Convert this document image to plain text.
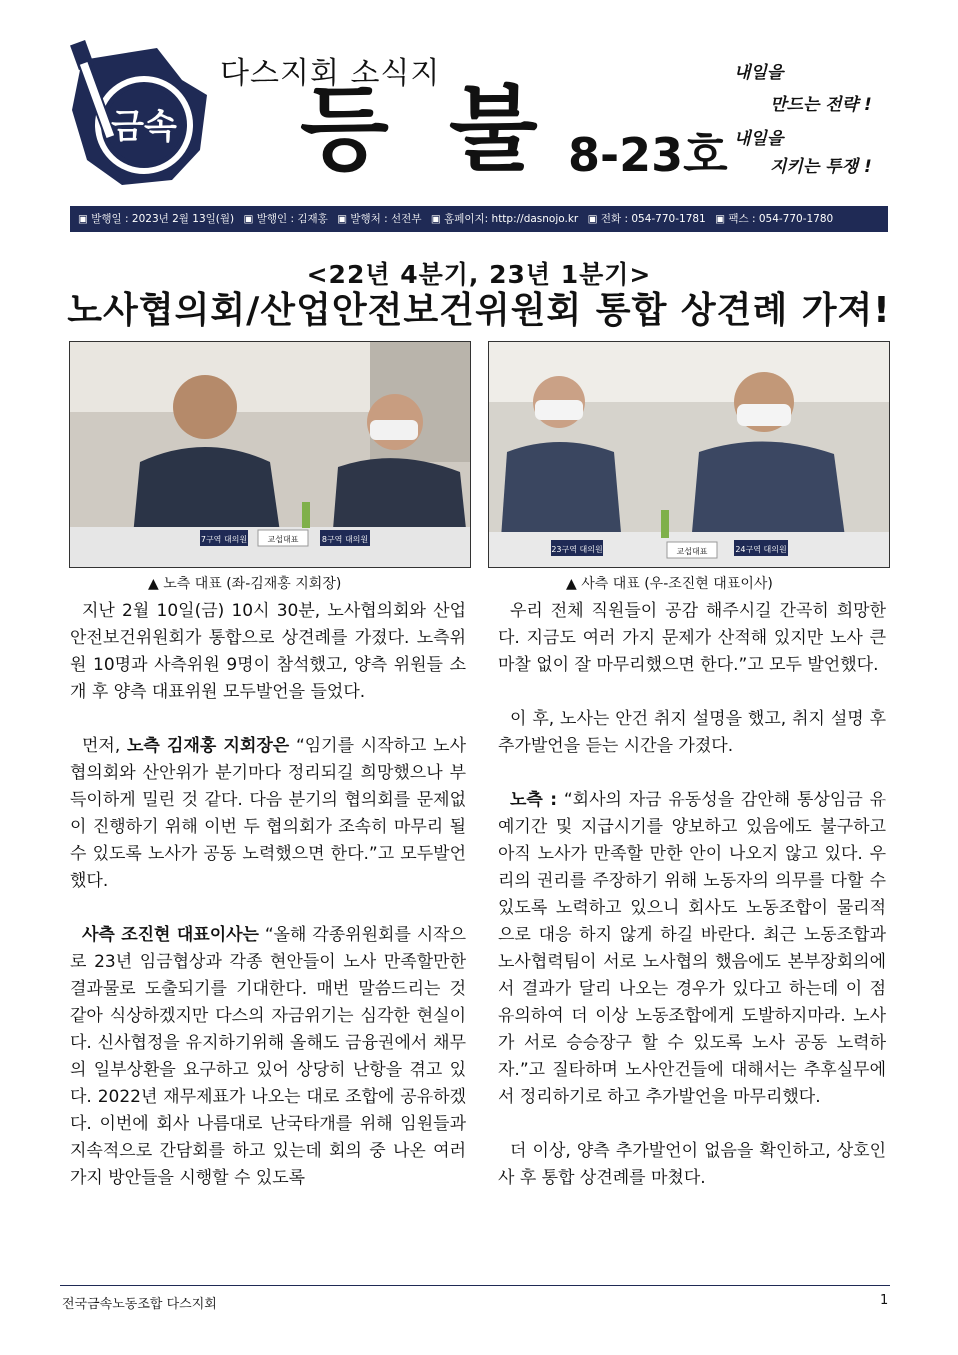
금속
다스지회 소식지
등불
8-23호
내일을
만드는 전략 !
내일을
지키는 투쟁 !
▣ 발행일 : 2023년 2월 13일(월) ▣ 발행인 : 김재홍 ▣ 발행처 : 선전부 ▣ 홈페이지: http://dasnojo.kr ▣ 전화 : 054-770-1781 ▣ 팩스 : 054-770-1780
<22년 4분기, 23년 1분기>
노사협의회/산업안전보건위원회 통합 상견례 가져!
7구역 대의원	교섭대표	8구역 대의원
23구역 대의원	교섭대표	24구역 대의원
▲ 노측 대표 (좌-김재홍 지회장)	▲ 사측 대표 (우-조진현 대표이사)

지난 2월 10일(금) 10시 30분, 노사협의회와 산업안전보건위원회가 통합으로 상견례를 가졌다. 노측위원 10명과 사측위원 9명이 참석했고, 양측 위원들 소개 후 양측 대표위원 모두발언을 들었다.

먼저, 노측 김재홍 지회장은 “임기를 시작하고 노사협의회와 산안위가 분기마다 정리되길 희망했으나 부득이하게 밀린 것 같다. 다음 분기의 협의회를 문제없이 진행하기 위해 이번 두 협의회가 조속히 마무리 될 수 있도록 노사가 공동 노력했으면 한다.”고 모두발언했다.

사측 조진현 대표이사는 “올해 각종위원회를 시작으로 23년 임금협상과 각종 현안들이 노사 만족할만한 결과물로 도출되기를 기대한다. 매번 말씀드리는 것 같아 식상하겠지만 다스의 자금위기는 심각한 현실이다. 신사협정을 유지하기위해 올해도 금융권에서 채무의 일부상환을 요구하고 있어 상당히 난항을 겪고 있다. 2022년 재무제표가 나오는 대로 조합에 공유하겠다. 이번에 회사 나름대로 난국타개를 위해 임원들과 지속적으로 간담회를 하고 있는데 회의 중 나온 여러 가지 방안들을 시행할 수 있도록

우리 전체 직원들이 공감 해주시길 간곡히 희망한다. 지금도 여러 가지 문제가 산적해 있지만 노사 큰 마찰 없이 잘 마무리했으면 한다.”고 모두 발언했다.

이 후, 노사는 안건 취지 설명을 했고, 취지 설명 후 추가발언을 듣는 시간을 가졌다.

노측 : “회사의 자금 유동성을 감안해 통상임금 유예기간 및 지급시기를 양보하고 있음에도 불구하고 아직 노사가 만족할 만한 안이 나오지 않고 있다. 우리의 권리를 주장하기 위해 노동자의 의무를 다할 수 있도록 노력하고 있으니 회사도 노동조합이 물리적으로 대응 하지 않게 하길 바란다. 최근 노동조합과 노사협력팀이 서로 노사협의 했음에도 본부장회의에서 결과가 달리 나오는 경우가 있다고 하는데 이 점 유의하여 더 이상 노동조합에게 도발하지마라. 노사가 서로 승승장구 할 수 있도록 노사 공동 노력하자.”고 질타하며 노사안건들에 대해서는 추후실무에서 정리하기로 하고 추가발언을 마무리했다.

더 이상, 양측 추가발언이 없음을 확인하고, 상호인사 후 통합 상견례를 마쳤다.

전국금속노동조합 다스지회	1
